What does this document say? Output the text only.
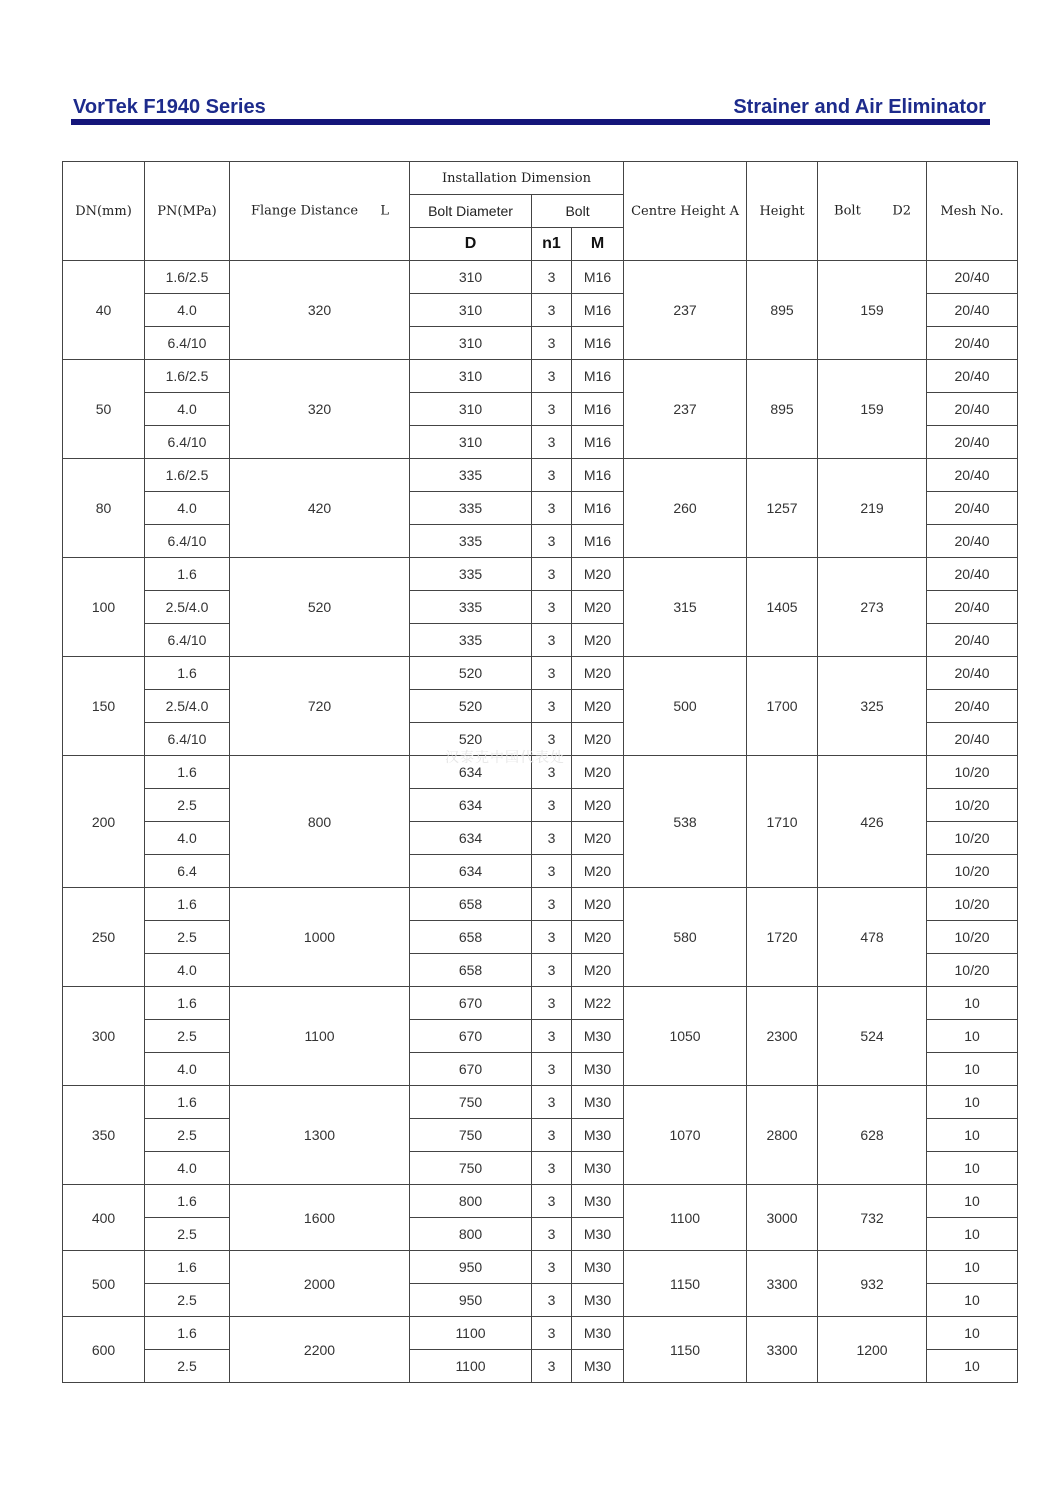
VorTek F1940 Series	Strainer and Air Eliminator
DN(mm)	PN(MPa)	Flange Distance L	Installation Dimension			Centre Height A	Height	Bolt D2	Mesh No.
			Bolt Diameter	Bolt					
			D	n1	M				
40	1.6/2.5	320	310	3	M16	237	895	159	20/40
	4.0		310	3	M16				20/40
	6.4/10		310	3	M16				20/40
50	1.6/2.5	320	310	3	M16	237	895	159	20/40
	4.0		310	3	M16				20/40
	6.4/10		310	3	M16				20/40
80	1.6/2.5	420	335	3	M16	260	1257	219	20/40
	4.0		335	3	M16				20/40
	6.4/10		335	3	M16				20/40
100	1.6	520	335	3	M20	315	1405	273	20/40
	2.5/4.0		335	3	M20				20/40
	6.4/10		335	3	M20				20/40
150	1.6	720	520	3	M20	500	1700	325	20/40
	2.5/4.0		520	3	M20				20/40
	6.4/10		520	3	M20				20/40
200	1.6	800	634	3	M20	538	1710	426	10/20
	2.5		634	3	M20				10/20
	4.0		634	3	M20				10/20
	6.4		634	3	M20				10/20
250	1.6	1000	658	3	M20	580	1720	478	10/20
	2.5		658	3	M20				10/20
	4.0		658	3	M20				10/20
300	1.6	1100	670	3	M22	1050	2300	524	10
	2.5		670	3	M30				10
	4.0		670	3	M30				10
350	1.6	1300	750	3	M30	1070	2800	628	10
	2.5		750	3	M30				10
	4.0		750	3	M30				10
400	1.6	1600	800	3	M30	1100	3000	732	10
	2.5		800	3	M30				10
500	1.6	2000	950	3	M30	1150	3300	932	10
	2.5		950	3	M30				10
600	1.6	2200	1100	3	M30	1150	3300	1200	10
	2.5		1100	3	M30				10
汉泰克中国代表处
